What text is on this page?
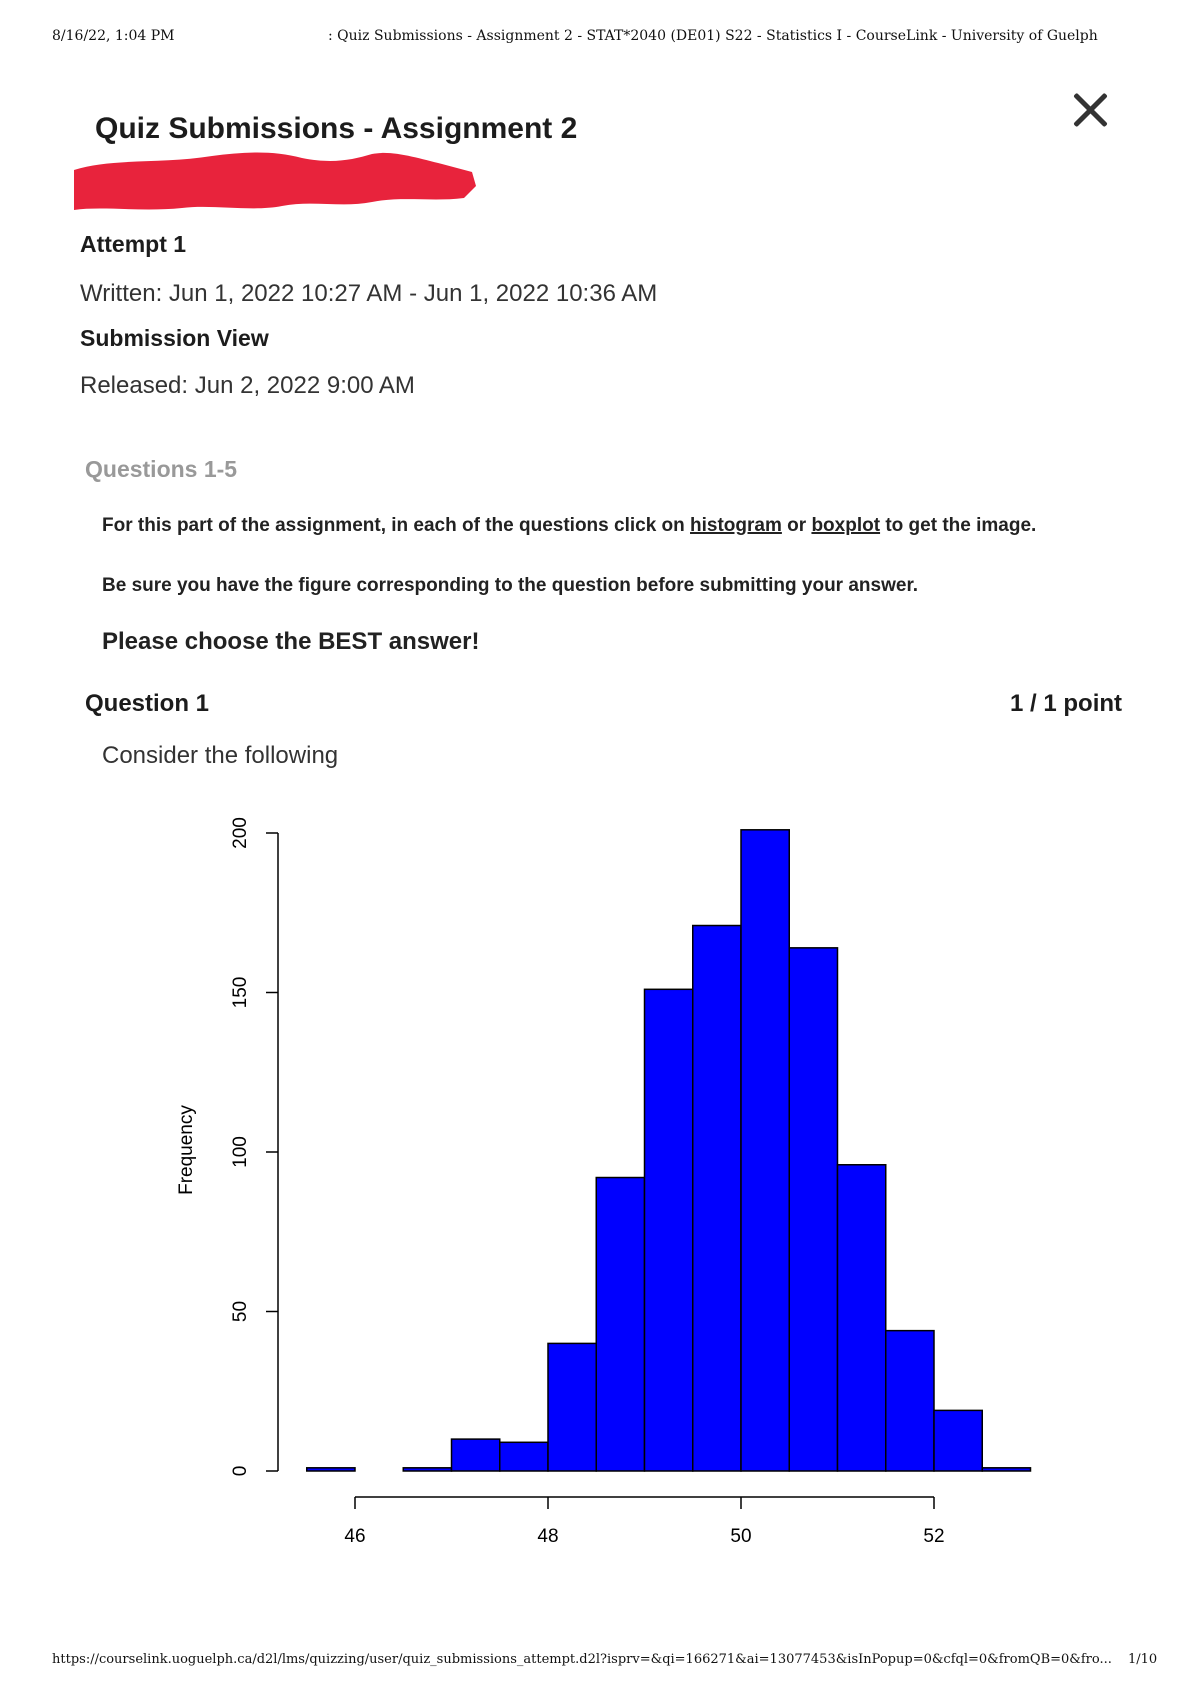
8/16/22, 1:04 PM	: Quiz Submissions - Assignment 2 - STAT*2040 (DE01) S22 - Statistics I - CourseLink - University of Guelph
Quiz Submissions - Assignment 2
Attempt 1
Written: Jun 1, 2022 10:27 AM - Jun 1, 2022 10:36 AM
Submission View
Released: Jun 2, 2022 9:00 AM
Questions 1-5
For this part of the assignment, in each of the questions click on histogram or boxplot to get the image.
Be sure you have the figure corresponding to the question before submitting your answer.
Please choose the BEST answer!
Question 1	1 / 1 point
Consider the following
0
50
100
150
200
46	48	50	52
Frequency
https://courselink.uoguelph.ca/d2l/lms/quizzing/user/quiz_submissions_attempt.d2l?isprv=&qi=166271&ai=13077453&isInPopup=0&cfql=0&fromQB=0&fro... 1/10
